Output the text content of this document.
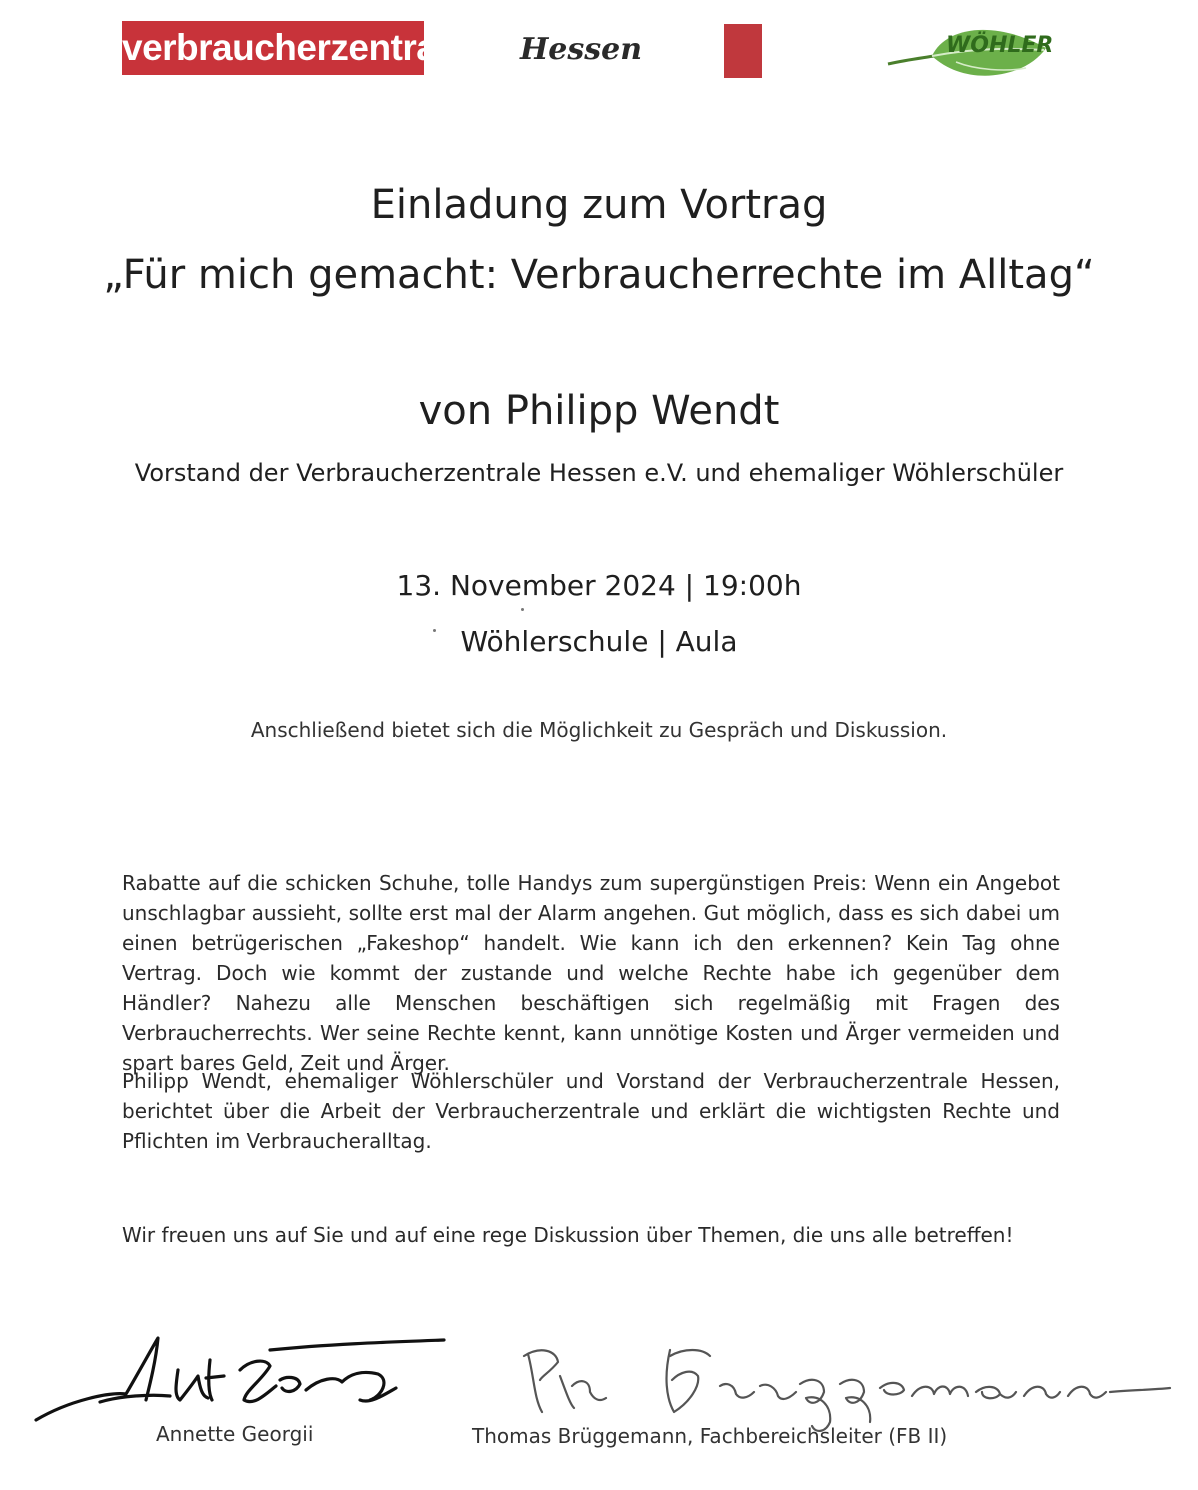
verbraucherzentrale Hessen	WÖHLER
Einladung zum Vortrag
„Für mich gemacht: Verbraucherrechte im Alltag“
von Philipp Wendt
Vorstand der Verbraucherzentrale Hessen e.V. und ehemaliger Wöhlerschüler
13. November 2024 | 19:00h
Wöhlerschule | Aula
Anschließend bietet sich die Möglichkeit zu Gespräch und Diskussion.
Rabatte auf die schicken Schuhe, tolle Handys zum supergünstigen Preis: Wenn ein Angebot unschlagbar aussieht, sollte erst mal der Alarm angehen. Gut möglich, dass es sich dabei um einen betrügerischen „Fakeshop“ handelt. Wie kann ich den erkennen? Kein Tag ohne Vertrag. Doch wie kommt der zustande und welche Rechte habe ich gegenüber dem Händler? Nahezu alle Menschen beschäftigen sich regelmäßig mit Fragen des Verbraucherrechts. Wer seine Rechte kennt, kann unnötige Kosten und Ärger vermeiden und spart bares Geld, Zeit und Ärger.
Philipp Wendt, ehemaliger Wöhlerschüler und Vorstand der Verbraucherzentrale Hessen, berichtet über die Arbeit der Verbraucherzentrale und erklärt die wichtigsten Rechte und Pflichten im Verbraucheralltag.
Wir freuen uns auf Sie und auf eine rege Diskussion über Themen, die uns alle betreffen!
Annette Georgii	Thomas Brüggemann, Fachbereichsleiter (FB II)
